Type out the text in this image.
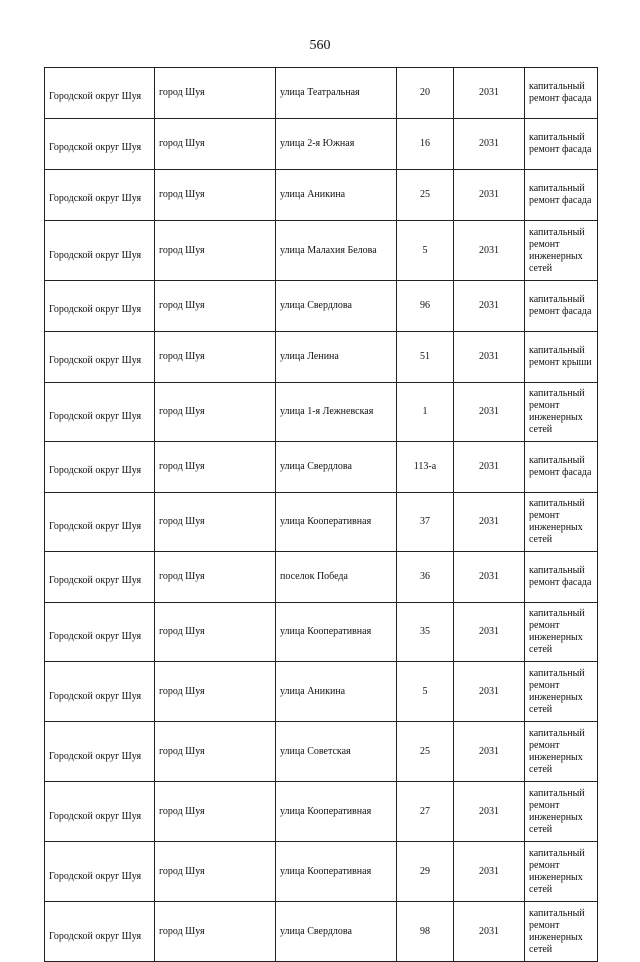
560
Городской округ Шуя	город Шуя	улица Театральная	20	2031	капитальный ремонт фасада
Городской округ Шуя	город Шуя	улица 2-я Южная	16	2031	капитальный ремонт фасада
Городской округ Шуя	город Шуя	улица Аникина	25	2031	капитальный ремонт фасада
Городской округ Шуя	город Шуя	улица Малахия Белова	5	2031	капитальный ремонт инженерных сетей
Городской округ Шуя	город Шуя	улица Свердлова	96	2031	капитальный ремонт фасада
Городской округ Шуя	город Шуя	улица Ленина	51	2031	капитальный ремонт крыши
Городской округ Шуя	город Шуя	улица 1-я Лежневская	1	2031	капитальный ремонт инженерных сетей
Городской округ Шуя	город Шуя	улица Свердлова	113-а	2031	капитальный ремонт фасада
Городской округ Шуя	город Шуя	улица Кооперативная	37	2031	капитальный ремонт инженерных сетей
Городской округ Шуя	город Шуя	поселок Победа	36	2031	капитальный ремонт фасада
Городской округ Шуя	город Шуя	улица Кооперативная	35	2031	капитальный ремонт инженерных сетей
Городской округ Шуя	город Шуя	улица Аникина	5	2031	капитальный ремонт инженерных сетей
Городской округ Шуя	город Шуя	улица Советская	25	2031	капитальный ремонт инженерных сетей
Городской округ Шуя	город Шуя	улица Кооперативная	27	2031	капитальный ремонт инженерных сетей
Городской округ Шуя	город Шуя	улица Кооперативная	29	2031	капитальный ремонт инженерных сетей
Городской округ Шуя	город Шуя	улица Свердлова	98	2031	капитальный ремонт инженерных сетей
